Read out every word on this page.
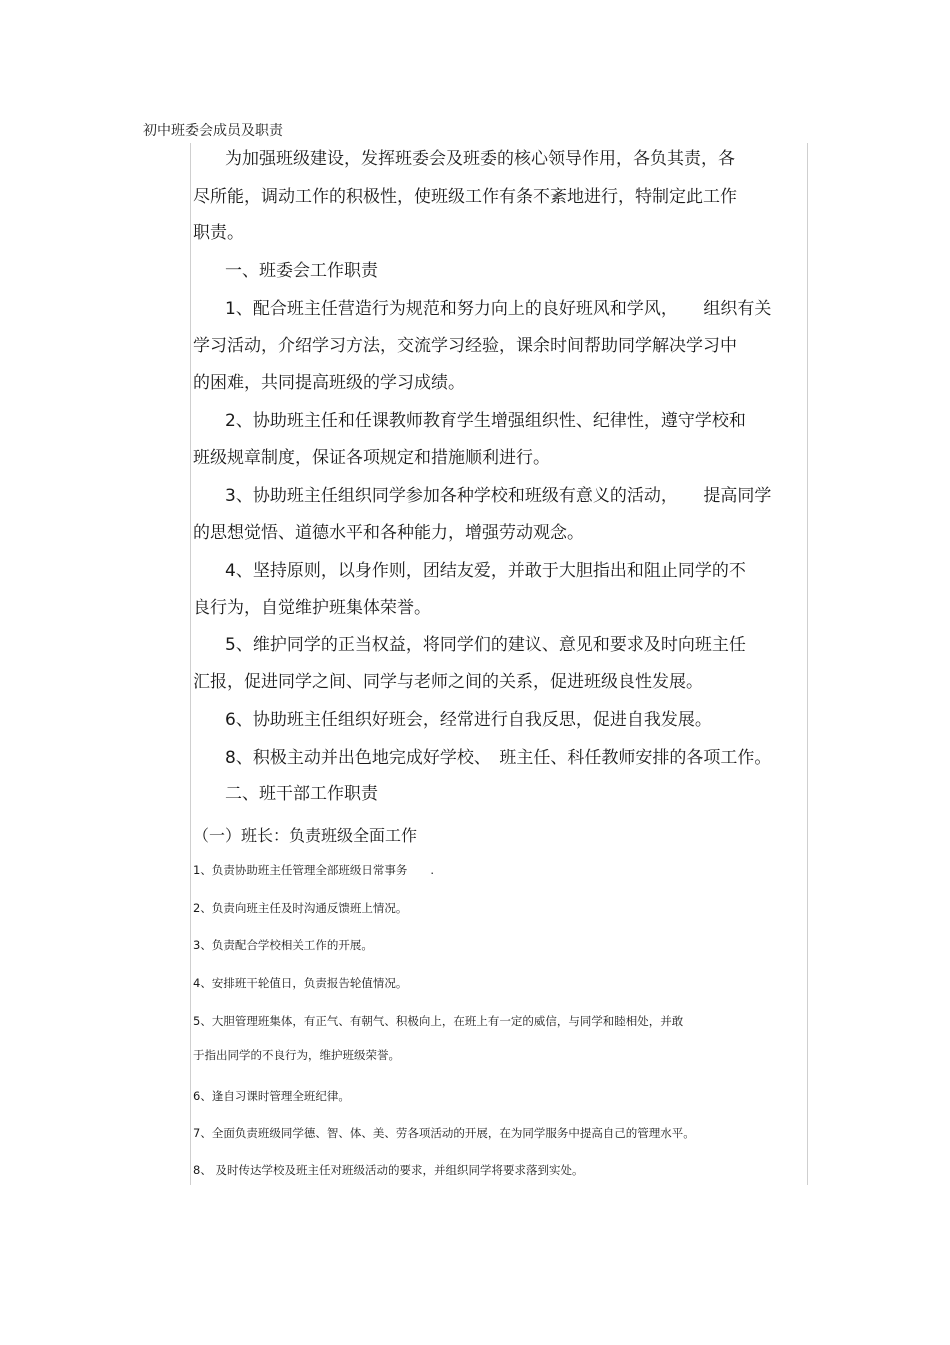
初中班委会成员及职责
为加强班级建设，发挥班委会及班委的核心领导作用，各负其责，各
尽所能，调动工作的积极性，使班级工作有条不紊地进行，特制定此工作
职责。
一、班委会工作职责
1、配合班主任营造行为规范和努力向上的良好班风和学风，　　组织有关
学习活动，介绍学习方法，交流学习经验，课余时间帮助同学解决学习中
的困难，共同提高班级的学习成绩。
2、协助班主任和任课教师教育学生增强组织性、纪律性，遵守学校和
班级规章制度，保证各项规定和措施顺利进行。
3、协助班主任组织同学参加各种学校和班级有意义的活动，　　提高同学
的思想觉悟、道德水平和各种能力，增强劳动观念。
4、坚持原则，以身作则，团结友爱，并敢于大胆指出和阻止同学的不
良行为，自觉维护班集体荣誉。
5、维护同学的正当权益，将同学们的建议、意见和要求及时向班主任
汇报，促进同学之间、同学与老师之间的关系，促进班级良性发展。
6、协助班主任组织好班会，经常进行自我反思，促进自我发展。
8、积极主动并出色地完成好学校、　班主任、科任教师安排的各项工作。
二、班干部工作职责
（一）班长：负责班级全面工作
1、负责协助班主任管理全部班级日常事务　　.
2、负责向班主任及时沟通反馈班上情况。
3、负责配合学校相关工作的开展。
4、安排班干轮值日，负责报告轮值情况。
5、大胆管理班集体，有正气、有朝气、积极向上，在班上有一定的威信，与同学和睦相处，并敢
于指出同学的不良行为，维护班级荣誉。
6、逢自习课时管理全班纪律。
7、全面负责班级同学德、智、体、美、劳各项活动的开展，在为同学服务中提高自己的管理水平。
8、 及时传达学校及班主任对班级活动的要求，并组织同学将要求落到实处。
